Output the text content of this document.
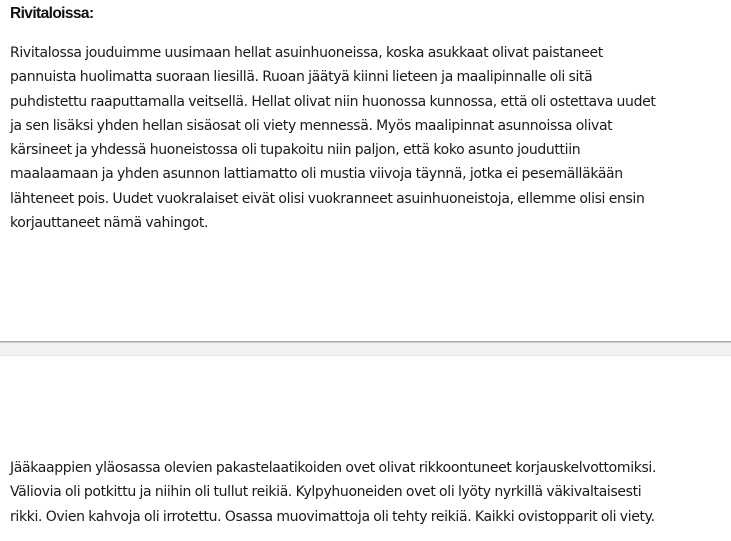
Rivitaloissa:

Rivitalossa jouduimme uusimaan hellat asuinhuoneissa, koska asukkaat olivat paistaneet
pannuista huolimatta suoraan liesillä. Ruoan jäätyä kiinni lieteen ja maalipinnalle oli sitä
puhdistettu raaputtamalla veitsellä. Hellat olivat niin huonossa kunnossa, että oli ostettava uudet
ja sen lisäksi yhden hellan sisäosat oli viety mennessä. Myös maalipinnat asunnoissa olivat
kärsineet ja yhdessä huoneistossa oli tupakoitu niin paljon, että koko asunto jouduttiin
maalaamaan ja yhden asunnon lattiamatto oli mustia viivoja täynnä, jotka ei pesemälläkään
lähteneet pois. Uudet vuokralaiset eivät olisi vuokranneet asuinhuoneistoja, ellemme olisi ensin
korjauttaneet nämä vahingot.

Jääkaappien yläosassa olevien pakastelaatikoiden ovet olivat rikkoontuneet korjauskelvottomiksi.
Väliovia oli potkittu ja niihin oli tullut reikiä. Kylpyhuoneiden ovet oli lyöty nyrkillä väkivaltaisesti
rikki. Ovien kahvoja oli irrotettu. Osassa muovimattoja oli tehty reikiä. Kaikki ovistopparit oli viety.
